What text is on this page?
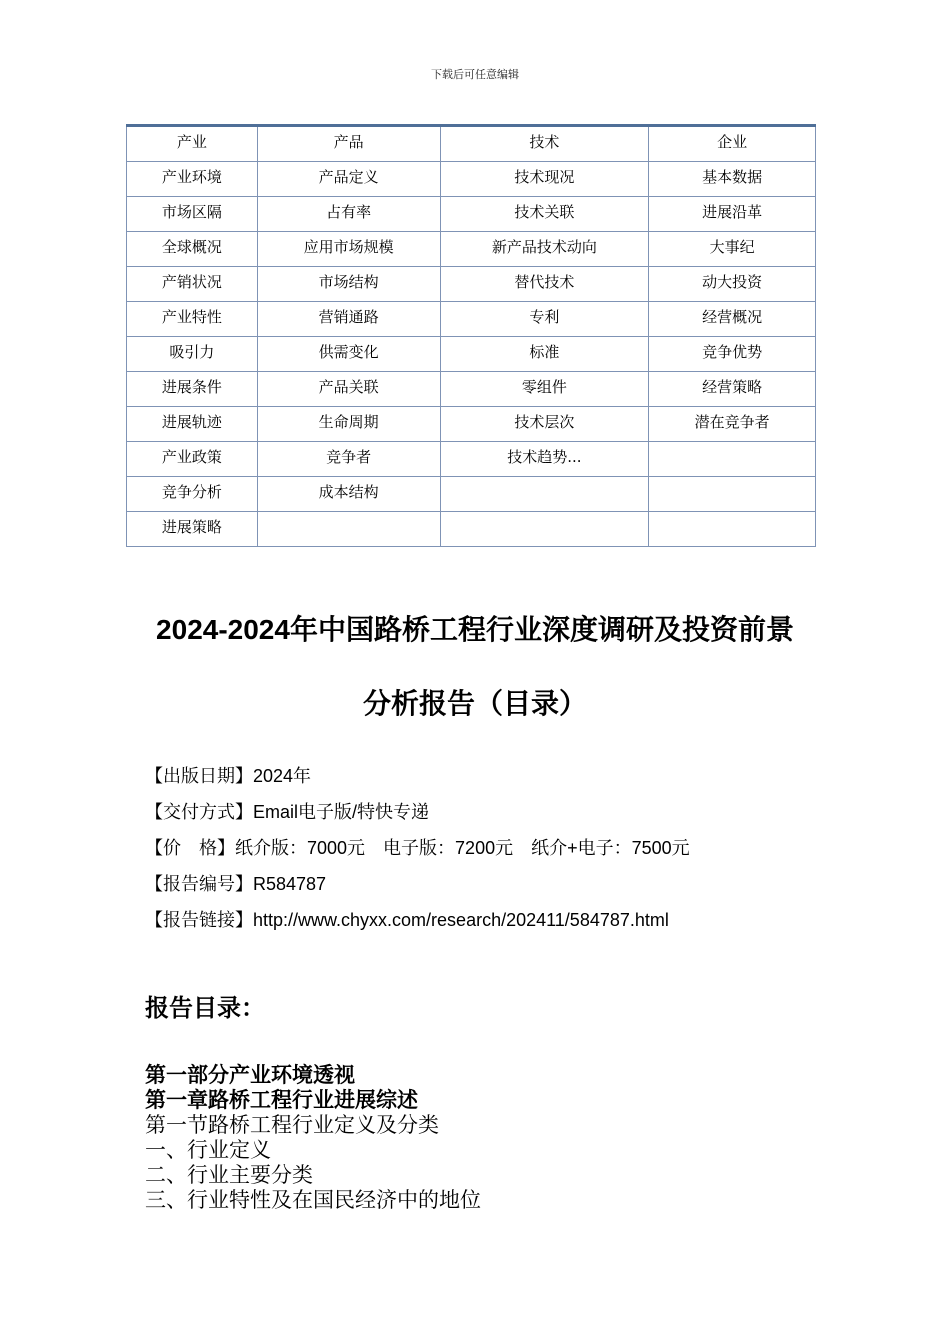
下载后可任意编辑
产业	产品	技术	企业
产业环境	产品定义	技术现况	基本数据
市场区隔	占有率	技术关联	进展沿革
全球概况	应用市场规模	新产品技术动向	大事纪
产销状况	市场结构	替代技术	动大投资
产业特性	营销通路	专利	经营概况
吸引力	供需变化	标准	竞争优势
进展条件	产品关联	零组件	经营策略
进展轨迹	生命周期	技术层次	潜在竞争者
产业政策	竞争者	技术趋势...	
竞争分析	成本结构		
进展策略			
2024-2024年中国路桥工程行业深度调研及投资前景
分析报告（目录）
【出版日期】2024年
【交付方式】Email电子版/特快专递
【价　格】纸介版：7000元　电子版：7200元　纸介+电子：7500元
【报告编号】R584787
【报告链接】http://www.chyxx.com/research/202411/584787.html
报告目录：
第一部分产业环境透视
第一章路桥工程行业进展综述
第一节路桥工程行业定义及分类
一、行业定义
二、行业主要分类
三、行业特性及在国民经济中的地位
